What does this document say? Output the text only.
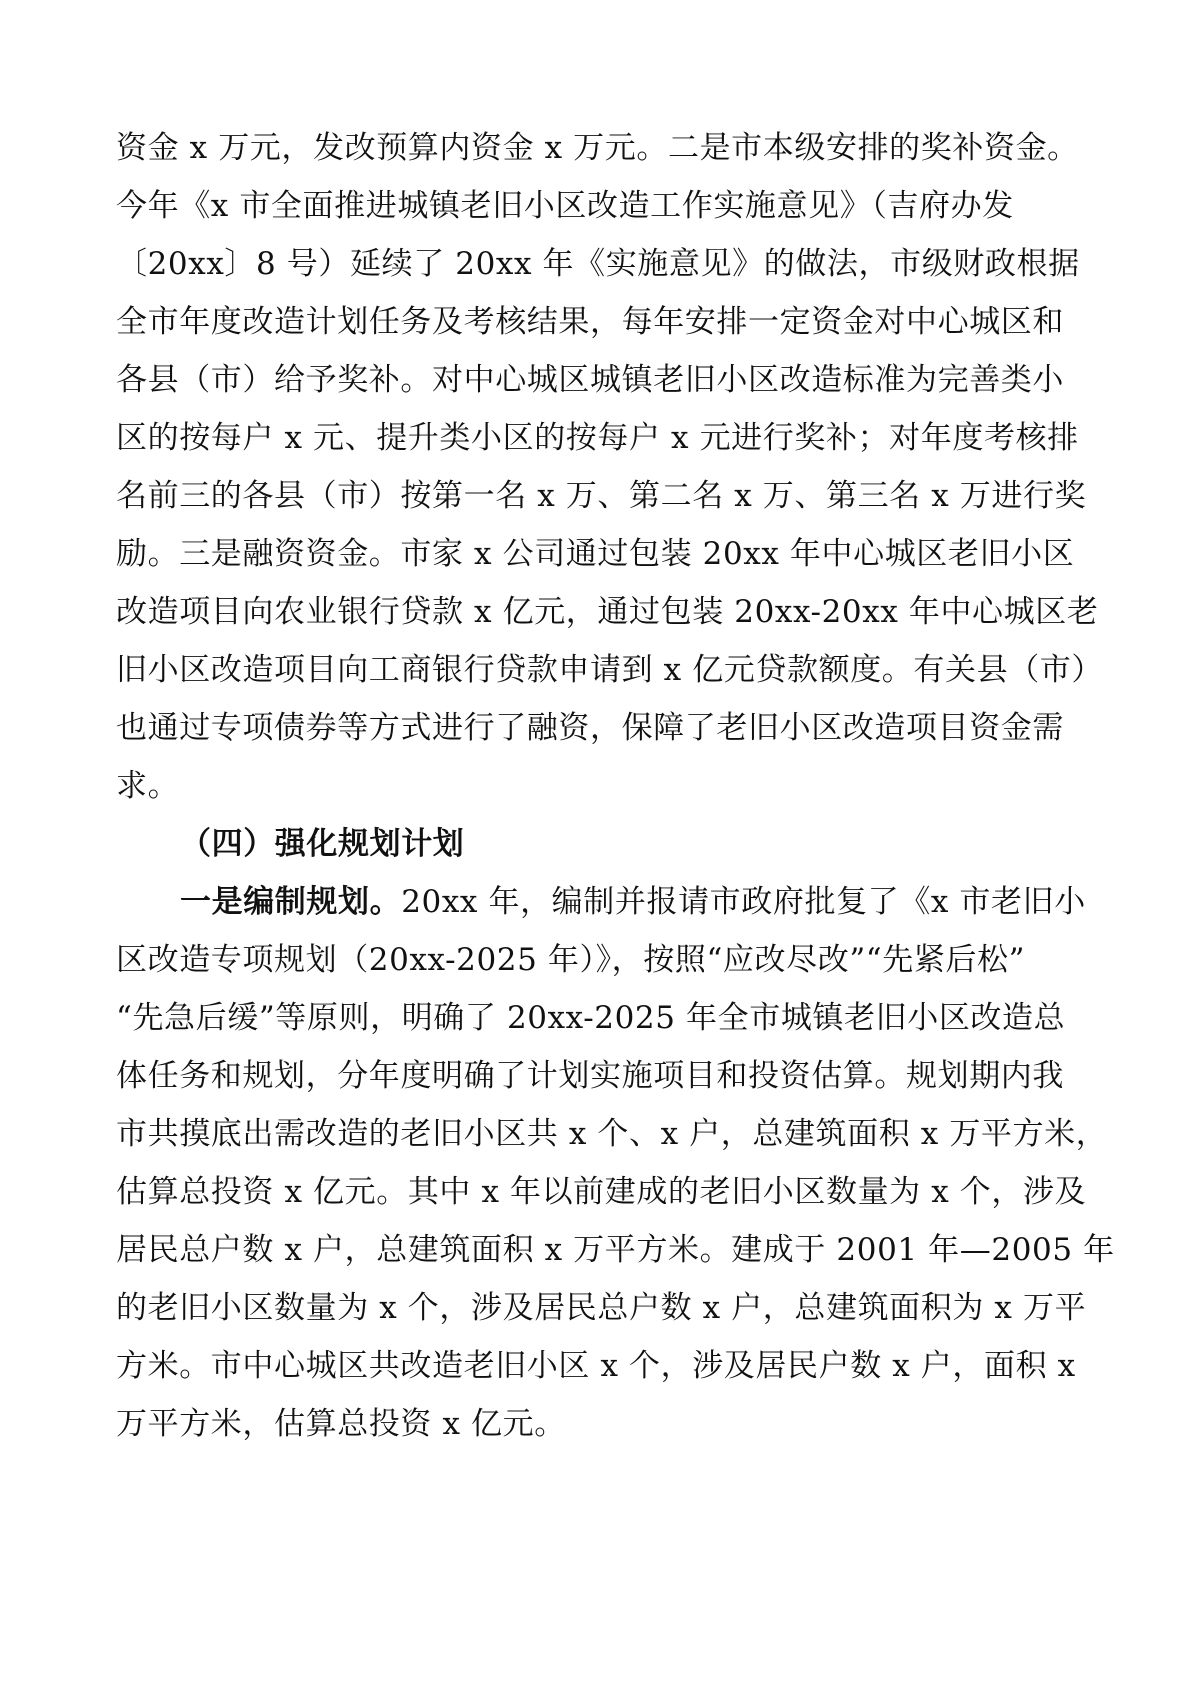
资金 x 万元，发改预算内资金 x 万元。二是市本级安排的奖补资金。
今年《x 市全面推进城镇老旧小区改造工作实施意见》（吉府办发
〔20xx〕8 号）延续了 20xx 年《实施意见》的做法，市级财政根据
全市年度改造计划任务及考核结果，每年安排一定资金对中心城区和
各县（市）给予奖补。对中心城区城镇老旧小区改造标准为完善类小
区的按每户 x 元、提升类小区的按每户 x 元进行奖补；对年度考核排
名前三的各县（市）按第一名 x 万、第二名 x 万、第三名 x 万进行奖
励。三是融资资金。市家 x 公司通过包装 20xx 年中心城区老旧小区
改造项目向农业银行贷款 x 亿元，通过包装 20xx-20xx 年中心城区老
旧小区改造项目向工商银行贷款申请到 x 亿元贷款额度。有关县（市）
也通过专项债券等方式进行了融资，保障了老旧小区改造项目资金需
求。
（四）强化规划计划
一是编制规划。20xx 年，编制并报请市政府批复了《x 市老旧小
区改造专项规划（20xx-2025 年）》，按照“应改尽改”“先紧后松”
“先急后缓”等原则，明确了 20xx-2025 年全市城镇老旧小区改造总
体任务和规划，分年度明确了计划实施项目和投资估算。规划期内我
市共摸底出需改造的老旧小区共 x 个、x 户，总建筑面积 x 万平方米，
估算总投资 x 亿元。其中 x 年以前建成的老旧小区数量为 x 个，涉及
居民总户数 x 户，总建筑面积 x 万平方米。建成于 2001 年—2005 年
的老旧小区数量为 x 个，涉及居民总户数 x 户，总建筑面积为 x 万平
方米。市中心城区共改造老旧小区 x 个，涉及居民户数 x 户，面积 x
万平方米，估算总投资 x 亿元。
